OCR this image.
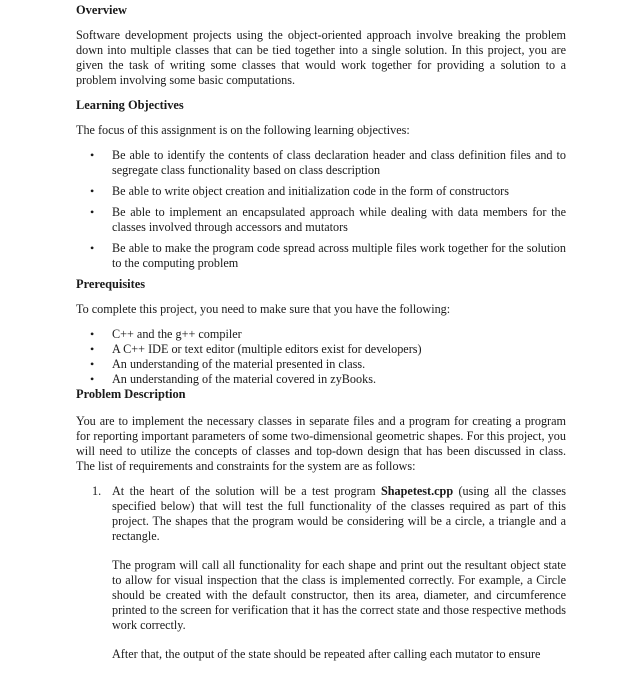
Overview

Software development projects using the object-oriented approach involve breaking the problem down into multiple classes that can be tied together into a single solution. In this project, you are given the task of writing some classes that would work together for providing a solution to a problem involving some basic computations.

Learning Objectives

The focus of this assignment is on the following learning objectives:

• Be able to identify the contents of class declaration header and class definition files and to segregate class functionality based on class description
• Be able to write object creation and initialization code in the form of constructors
• Be able to implement an encapsulated approach while dealing with data members for the classes involved through accessors and mutators
• Be able to make the program code spread across multiple files work together for the solution to the computing problem
Prerequisites

To complete this project, you need to make sure that you have the following:

• C++ and the g++ compiler
• A C++ IDE or text editor (multiple editors exist for developers)
• An understanding of the material presented in class.
• An understanding of the material covered in zyBooks.
Problem Description

You are to implement the necessary classes in separate files and a program for creating a program for reporting important parameters of some two-dimensional geometric shapes. For this project, you will need to utilize the concepts of classes and top-down design that has been discussed in class. The list of requirements and constraints for the system are as follows:

1. At the heart of the solution will be a test program Shapetest.cpp (using all the classes specified below) that will test the full functionality of the classes required as part of this project. The shapes that the program would be considering will be a circle, a triangle and a rectangle.

The program will call all functionality for each shape and print out the resultant object state to allow for visual inspection that the class is implemented correctly. For example, a Circle should be created with the default constructor, then its area, diameter, and circumference printed to the screen for verification that it has the correct state and those respective methods work correctly.

After that, the output of the state should be repeated after calling each mutator to ensure
